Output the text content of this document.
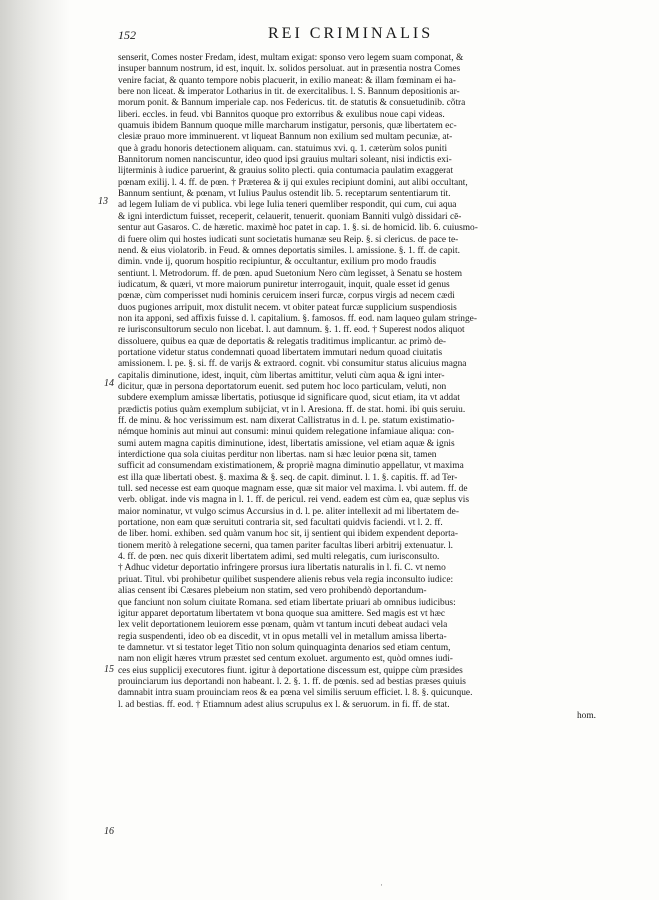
152	REI CRIMINALIS
13
14
15
16
senserit, Comes noster Fredam, idest, multam exigat: sponso vero legem suam componat, &
insuper bannum nostrum, id est, inquit. lx. solidos persoluat. aut in præsentia nostra Comes
venire faciat, & quanto tempore nobis placuerit, in exilio maneat: & illam fœminam ei ha-
bere non liceat. & imperator Lotharius in tit. de exercitalibus. l. S. Bannum depositionis ar-
morum ponit. & Bannum imperiale cap. nos Federicus. tit. de statutis & consuetudinib. cõtra
liberi. eccles. in feud. vbi Bannitos quoque pro extorribus & exulibus noue capi videas.
quamuis ibidem Bannum quoque mille marcharum instigatur, personis, quæ libertatem ec-
clesiæ prauo more imminuerent. vt liqueat Bannum non exilium sed multam pecuniæ, at-
que à gradu honoris detectionem aliquam. can. statuimus xvi. q. 1. cæterùm solos puniti
Bannitorum nomen nanciscuntur, ideo quod ipsi grauius multari soleant, nisi indictis exi-
lijterminis à iudice paruerint, & grauius solito plecti. quia contumacia paulatim exaggerat
pœnam exilij. l. 4. ff. de pœn. † Præterea & ij qui exules recipiunt domini, aut alibi occultant,
Bannum sentiunt, & pœnam, vt Iulius Paulus ostendit lib. 5. receptarum sententiarum tit.
ad legem Iuliam de vi publica. vbi lege Iulia teneri quemliber respondit, qui cum, cui aqua
& igni interdictum fuisset, receperit, celauerit, tenuerit. quoniam Banniti vulgò dissidari cē-
sentur aut Gasaros. C. de hæretic. maximè hoc patet in cap. 1. §. si. de homicid. lib. 6. cuiusmo-
di fuere olim qui hostes iudicati sunt societatis humanæ seu Reip. §. si clericus. de pace te-
nend. & eius violatorib. in Feud. & omnes deportatis similes. l. amissione. §. 1. ff. de capit.
dimin. vnde ij, quorum hospitio recipiuntur, & occultantur, exilium pro modo fraudis
sentiunt. l. Metrodorum. ff. de pœn. apud Suetonium Nero cùm legisset, à Senatu se hostem
iudicatum, & quæri, vt more maiorum puniretur interrogauit, inquit, quale esset id genus
pœnæ, cùm comperisset nudi hominis ceruicem inseri furcæ, corpus virgis ad necem cædi
duos pugiones arripuit, mox distulit necem. vt obiter pateat furcæ supplicium suspendiosis
non ita apponi, sed affixis fuisse d. l. capitalium. §. famosos. ff. eod. nam laqueo gulam stringe-
re iurisconsultorum seculo non licebat. l. aut damnum. §. 1. ff. eod. † Superest nodos aliquot
dissoluere, quibus ea quæ de deportatis & relegatis traditimus implicantur. ac primò de-
portatione videtur status condemnati quoad libertatem immutari nedum quoad ciuitatis
amissionem. l. pe. §. si. ff. de varijs & extraord. cognit. vbi consumitur status alicuius magna
capitalis diminutione, idest, inquit, cùm libertas amittitur, veluti cùm aqua & igni inter-
dicitur, quæ in persona deportatorum euenit. sed putem hoc loco particulam, veluti, non
subdere exemplum amissæ libertatis, potiusque id significare quod, sicut etiam, ita vt addat
prædictis potius quàm exemplum subijciat, vt in l. Aresiona. ff. de stat. homi. ibi quis seruiu.
ff. de minu. & hoc verissimum est. nam dixerat Callistratus in d. l. pe. statum existimatio-
némque hominis aut minui aut consumi: minui quidem relegatione infamiaue aliqua: con-
sumi autem magna capitis diminutione, idest, libertatis amissione, vel etiam aquæ & ignis
interdictione qua sola ciuitas perditur non libertas. nam si hæc leuior pœna sit, tamen
sufficit ad consumendam existimationem, & propriè magna diminutio appellatur, vt maxima
est illa quæ libertati obest. §. maxima & §. seq. de capit. diminut. l. 1. §. capitis. ff. ad Ter-
tull. sed necesse est eam quoque magnam esse, quæ sit maior vel maxima. l. vbi autem. ff. de
verb. obligat. inde vis magna in l. 1. ff. de pericul. rei vend. eadem est cùm ea, quæ seplus vis
maior nominatur, vt vulgo scimus Accursius in d. l. pe. aliter intellexit ad mi libertatem de-
portatione, non eam quæ seruituti contraria sit, sed facultati quidvis faciendi. vt l. 2. ff.
de liber. homi. exhiben. sed quàm vanum hoc sit, ij sentient qui ibidem expendent deporta-
tionem meritò à relegatione secerni, qua tamen pariter facultas liberi arbitrij extenuatur. l.
4. ff. de pœn. nec quis dixerit libertatem adimi, sed multi relegatis, cum iurisconsulto.
† Adhuc videtur deportatio infringere prorsus iura libertatis naturalis in l. fi. C. vt nemo
priuat. Titul. vbi prohibetur quilibet suspendere alienis rebus vela regia inconsulto iudice:
alias censent ibi Cæsares plebeium non statim, sed vero prohibendò deportandum-
que fanciunt non solum ciuitate Romana. sed etiam libertate priuari ab omnibus iudicibus:
igitur apparet deportatum libertatem vt bona quoque sua amittere. Sed magis est vt hæc
lex velit deportationem leuiorem esse pœnam, quàm vt tantum incuti debeat audaci vela
regia suspendenti, ideo ob ea discedit, vt in opus metalli vel in metallum amissa liberta-
te damnetur. vt si testator leget Titio non solum quinquaginta denarios sed etiam centum,
nam non eligit hæres vtrum præstet sed centum exoluet. argumento est, quòd omnes iudi-
ces eius supplicij executores fiunt. igitur à deportatione discessum est, quippe cùm præsides
prouinciarum ius deportandi non habeant. l. 2. §. 1. ff. de pœnis. sed ad bestias præses quiuis
damnabit intra suam prouinciam reos & ea pœna vel similis seruum efficiet. l. 8. §. quicunque.
l. ad bestias. ff. eod. † Etiamnum adest alius scrupulus ex l. & seruorum. in fi. ff. de stat.
hom.
·
